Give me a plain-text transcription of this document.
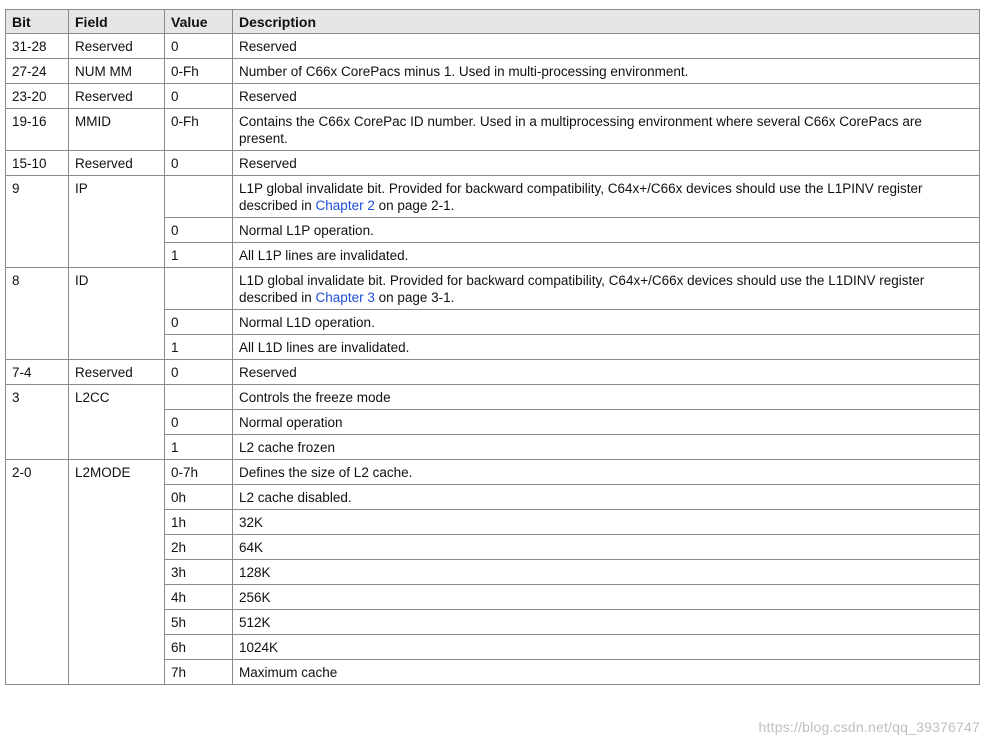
Bit	Field	Value	Description
31-28	Reserved	0	Reserved
27-24	NUM MM	0-Fh	Number of C66x CorePacs minus 1. Used in multi-processing environment.
23-20	Reserved	0	Reserved
19-16	MMID	0-Fh	Contains the C66x CorePac ID number. Used in a multiprocessing environment where several C66x CorePacs are present.
15-10	Reserved	0	Reserved
9	IP		L1P global invalidate bit. Provided for backward compatibility, C64x+/C66x devices should use the L1PINV register described in Chapter 2 on page 2-1.
		0	Normal L1P operation.
		1	All L1P lines are invalidated.
8	ID		L1D global invalidate bit. Provided for backward compatibility, C64x+/C66x devices should use the L1DINV register described in Chapter 3 on page 3-1.
		0	Normal L1D operation.
		1	All L1D lines are invalidated.
7-4	Reserved	0	Reserved
3	L2CC		Controls the freeze mode
		0	Normal operation
		1	L2 cache frozen
2-0	L2MODE	0-7h	Defines the size of L2 cache.
		0h	L2 cache disabled.
		1h	32K
		2h	64K
		3h	128K
		4h	256K
		5h	512K
		6h	1024K
		7h	Maximum cache
https://blog.csdn.net/qq_39376747
